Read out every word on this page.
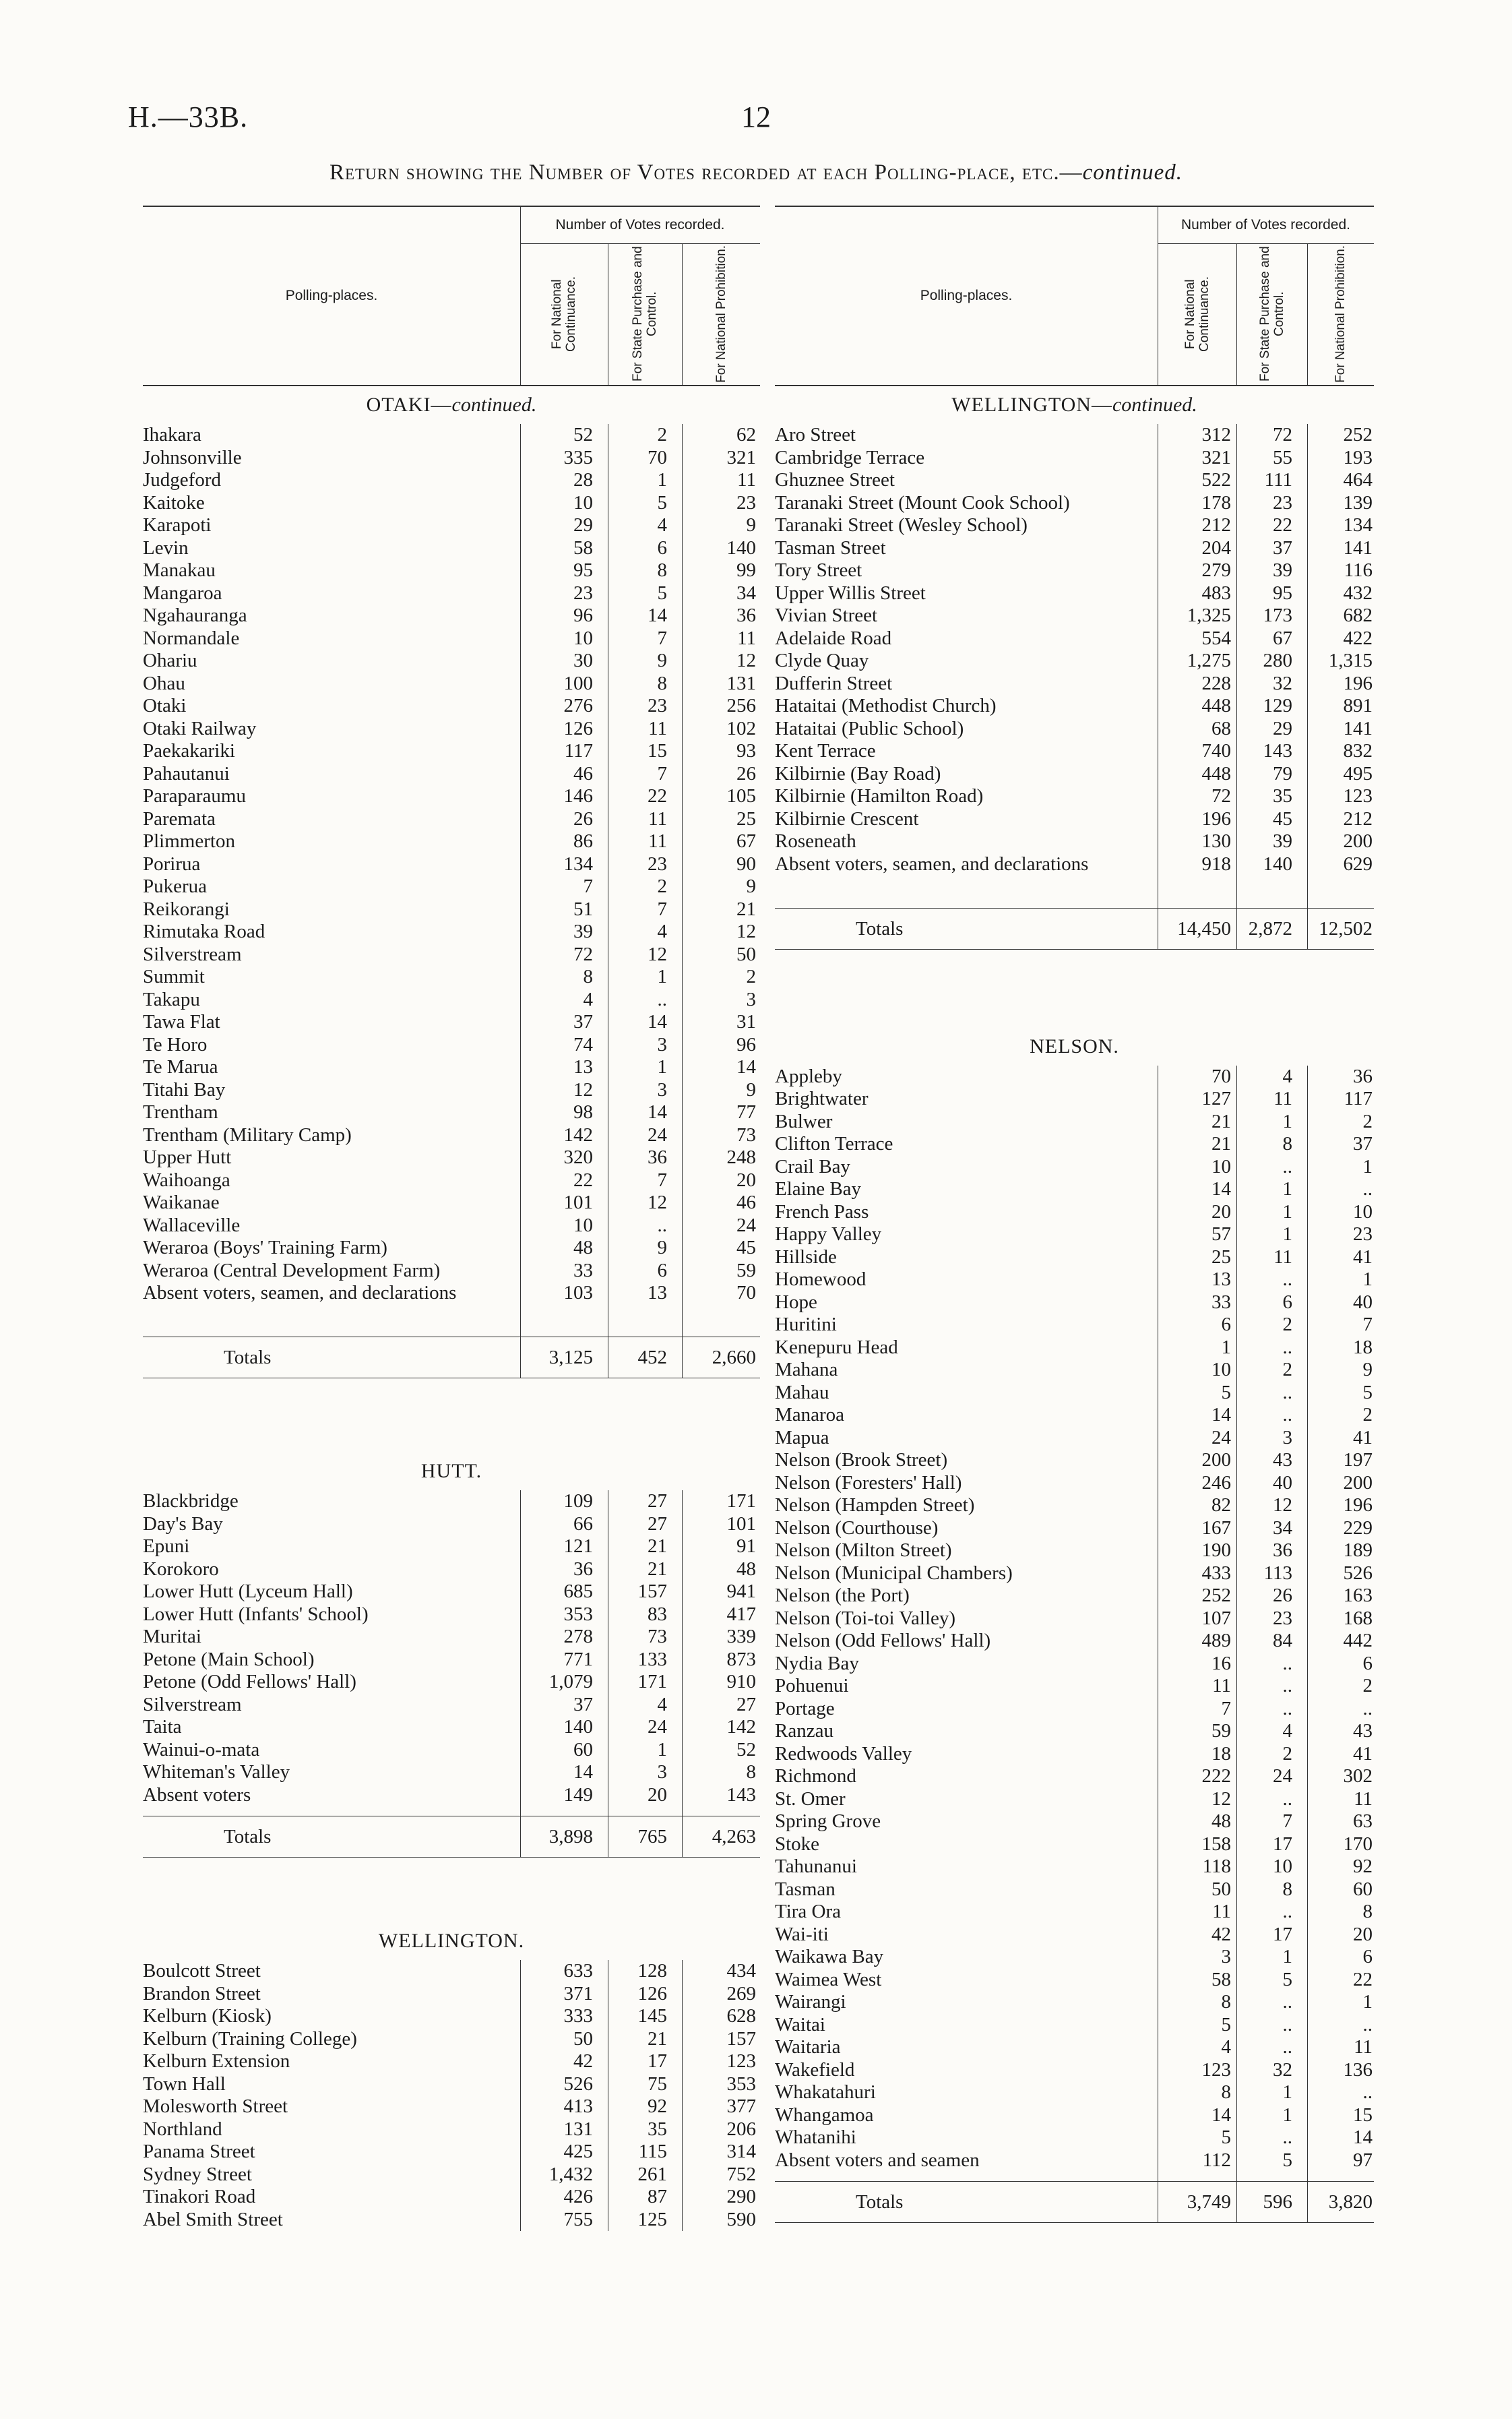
H.—33B.	12
Return showing the Number of Votes recorded at each Polling-place, etc.—continued.
Polling-places.
Number of Votes recorded.
For National Continuance.	For State Purchase and Control.	For National Prohibition.
OTAKI—continued.
Ihakara	52	2	62
Johnsonville	335	70	321
Judgeford	28	1	11
Kaitoke	10	5	23
Karapoti	29	4	9
Levin	58	6	140
Manakau	95	8	99
Mangaroa	23	5	34
Ngahauranga	96	14	36
Normandale	10	7	11
Ohariu	30	9	12
Ohau	100	8	131
Otaki	276	23	256
Otaki Railway	126	11	102
Paekakariki	117	15	93
Pahautanui	46	7	26
Paraparaumu	146	22	105
Paremata	26	11	25
Plimmerton	86	11	67
Porirua	134	23	90
Pukerua	7	2	9
Reikorangi	51	7	21
Rimutaka Road	39	4	12
Silverstream	72	12	50
Summit	8	1	2
Takapu	4	..	3
Tawa Flat	37	14	31
Te Horo	74	3	96
Te Marua	13	1	14
Titahi Bay	12	3	9
Trentham	98	14	77
Trentham (Military Camp)	142	24	73
Upper Hutt	320	36	248
Waihoanga	22	7	20
Waikanae	101	12	46
Wallaceville	10	..	24
Weraroa (Boys' Training Farm)	48	9	45
Weraroa (Central Development Farm)	33	6	59
Absent voters, seamen, and declarations	103	13	70
Totals	3,125	452	2,660
HUTT.
Blackbridge	109	27	171
Day's Bay	66	27	101
Epuni	121	21	91
Korokoro	36	21	48
Lower Hutt (Lyceum Hall)	685	157	941
Lower Hutt (Infants' School)	353	83	417
Muritai	278	73	339
Petone (Main School)	771	133	873
Petone (Odd Fellows' Hall)	1,079	171	910
Silverstream	37	4	27
Taita	140	24	142
Wainui-o-mata	60	1	52
Whiteman's Valley	14	3	8
Absent voters	149	20	143
Totals	3,898	765	4,263
WELLINGTON.
Boulcott Street	633	128	434
Brandon Street	371	126	269
Kelburn (Kiosk)	333	145	628
Kelburn (Training College)	50	21	157
Kelburn Extension	42	17	123
Town Hall	526	75	353
Molesworth Street	413	92	377
Northland	131	35	206
Panama Street	425	115	314
Sydney Street	1,432	261	752
Tinakori Road	426	87	290
Abel Smith Street	755	125	590
Polling-places.
Number of Votes recorded.
For National Continuance.	For State Purchase and Control.	For National Prohibition.
WELLINGTON—continued.
Aro Street	312	72	252
Cambridge Terrace	321	55	193
Ghuznee Street	522	111	464
Taranaki Street (Mount Cook School)	178	23	139
Taranaki Street (Wesley School)	212	22	134
Tasman Street	204	37	141
Tory Street	279	39	116
Upper Willis Street	483	95	432
Vivian Street	1,325	173	682
Adelaide Road	554	67	422
Clyde Quay	1,275	280	1,315
Dufferin Street	228	32	196
Hataitai (Methodist Church)	448	129	891
Hataitai (Public School)	68	29	141
Kent Terrace	740	143	832
Kilbirnie (Bay Road)	448	79	495
Kilbirnie (Hamilton Road)	72	35	123
Kilbirnie Crescent	196	45	212
Roseneath	130	39	200
Absent voters, seamen, and declarations	918	140	629
Totals	14,450 2,872	12,502
NELSON.
Appleby	70	4	36
Brightwater	127	11	117
Bulwer	21	1	2
Clifton Terrace	21	8	37
Crail Bay	10	..	1
Elaine Bay	14	1	..
French Pass	20	1	10
Happy Valley	57	1	23
Hillside	25	11	41
Homewood	13	..	1
Hope	33	6	40
Huritini	6	2	7
Kenepuru Head	1	..	18
Mahana	10	2	9
Mahau	5	..	5
Manaroa	14	..	2
Mapua	24	3	41
Nelson (Brook Street)	200	43	197
Nelson (Foresters' Hall)	246	40	200
Nelson (Hampden Street)	82	12	196
Nelson (Courthouse)	167	34	229
Nelson (Milton Street)	190	36	189
Nelson (Municipal Chambers)	433	113	526
Nelson (the Port)	252	26	163
Nelson (Toi-toi Valley)	107	23	168
Nelson (Odd Fellows' Hall)	489	84	442
Nydia Bay	16	..	6
Pohuenui	11	..	2
Portage	7	..	..
Ranzau	59	4	43
Redwoods Valley	18	2	41
Richmond	222	24	302
St. Omer	12	..	11
Spring Grove	48	7	63
Stoke	158	17	170
Tahunanui	118	10	92
Tasman	50	8	60
Tira Ora	11	..	8
Wai-iti	42	17	20
Waikawa Bay	3	1	6
Waimea West	58	5	22
Wairangi	8	..	1
Waitai	5	..	..
Waitaria	4	..	11
Wakefield	123	32	136
Whakatahuri	8	1	..
Whangamoa	14	1	15
Whatanihi	5	..	14
Absent voters and seamen	112	5	97
Totals	3,749	596	3,820
